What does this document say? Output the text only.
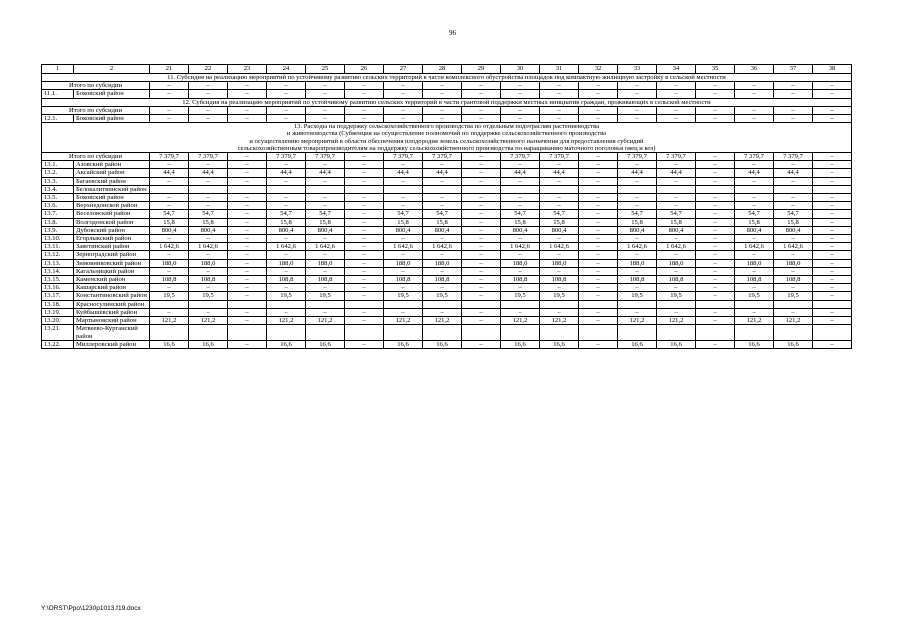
96
1	2	21	22	23	24	25	26	27	28	29	30	31	32	33	34	35	36	37	38
11. Субсидия на реализацию мероприятий по устойчивому развитию сельских территорий в части комплексного обустройства площадок под компактную жилищную застройку в сельской местности																			
Итого по субсидии		–	–	–	–	–	–	–	–	–	–	–	–	–	–	–	–	–	–
11.1.	Боковский район	–	–	–	–	–	–	–	–	–	–	–	–	–	–	–	–	–	–
12. Субсидия на реализацию мероприятий по устойчивому развитию сельских территорий в части грантовой поддержки местных инициатив граждан, проживающих в сельской местности																			
Итого по субсидии		–	–	–	–	–	–	–	–	–	–	–	–	–	–	–	–	–	–
12.1.	Боковский район	–	–	–	–	–	–	–	–	–	–	–	–	–	–	–	–	–	–
13. Расходы на поддержку сельскохозяйственного производства по отдельным подотраслям растениеводства
и животноводства (Субвенция на осуществление полномочий по поддержке сельскохозяйственного производства
и осуществлению мероприятий в области обеспечения плодородия земель сельскохозяйственного назначения для предоставления субсидий
сельскохозяйственным товаропроизводителям на поддержку сельскохозяйственного производства по наращиванию маточного поголовья овец и коз)																			
Итого по субсидии		7 379,7	7 379,7	–	7 379,7	7 379,7	–	7 379,7	7 379,7	–	7 379,7	7 379,7	–	7 379,7	7 379,7	–	7 379,7	7 379,7	–
13.1.	Азовский район	–	–	–	–	–	–	–	–	–	–	–	–	–	–	–	–	–	–
13.2.	Аксайский район	44,4	44,4	–	44,4	44,4	–	44,4	44,4	–	44,4	44,4	–	44,4	44,4	–	44,4	44,4	–
13.3.	Багаевский район	–	–	–	–	–	–	–	–	–	–	–	–	–	–	–	–	–	–
13.4.	Белокалитвинский район																		
13.5.	Боковский район	–	–	–	–	–	–	–	–	–	–	–	–	–	–	–	–	–	–
13.6.	Верхнедонской район	–	–	–	–	–	–	–	–	–	–	–	–	–	–	–	–	–	–
13.7.	Веселовский район	54,7	54,7	–	54,7	54,7	–	54,7	54,7	–	54,7	54,7	–	54,7	54,7	–	54,7	54,7	–
13.8.	Волгодонской район	15,8	15,8	–	15,8	15,8	–	15,8	15,8	–	15,8	15,8	–	15,8	15,8	–	15,8	15,8	–
13.9.	Дубовский район	800,4	800,4	–	800,4	800,4	–	800,4	800,4	–	800,4	800,4	–	800,4	800,4	–	800,4	800,4	–
13.10.	Егорлыкский район	–	–	–	–	–	–	–	–	–	–	–	–	–	–	–	–	–	–
13.11.	Заветинский район	1 642,6	1 642,6	–	1 642,6	1 642,6	–	1 642,6	1 642,6	–	1 642,6	1 642,6	–	1 642,6	1 642,6	–	1 642,6	1 642,6	–
13.12.	Зерноградский район	–	–	–	–	–	–	–	–	–	–	–	–	–	–	–	–	–	–
13.13.	Зимовниковский район	188,0	188,0	–	188,0	188,0	–	188,0	188,0	–	188,0	188,0	–	188,0	188,0	–	188,0	188,0	–
13.14.	Кагальницкий район	–	–	–	–	–	–	–	–	–	–	–	–	–	–	–	–	–	–
13.15.	Каменский район	108,8	108,8	–	108,8	108,8	–	108,8	108,8	–	108,8	108,8	–	108,8	108,8	–	108,8	108,8	–
13.16.	Кашарский район	–	–	–	–	–	–	–	–	–	–	–	–	–	–	–	–	–	–
13.17.	Константиновский район	19,5	19,5	–	19,5	19,5	–	19,5	19,5	–	19,5	19,5	–	19,5	19,5	–	19,5	19,5	–
13.18.	Красносулинский район																		
13.19.	Куйбышевский район	–	–	–	–	–	–	–	–	–	–	–	–	–	–	–	–	–	–
13.20.	Мартыновский район	121,2	121,2	–	121,2	121,2	–	121,2	121,2	–	121,2	121,2	–	121,2	121,2	–	121,2	121,2	–
13.21.	Матвеево-Курганский район																		
13.22.	Миллеровский район	16,6	16,6	–	16,6	16,6	–	16,6	16,6	–	16,6	16,6	–	16,6	16,6	–	16,6	16,6	–
Y:\ORST\Ppo\1230p1013.f19.docx
